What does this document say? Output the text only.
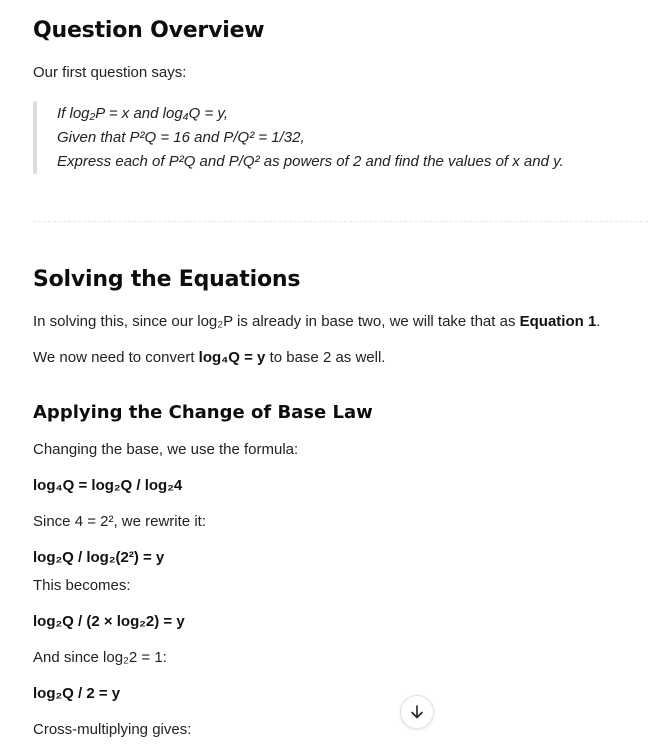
Question Overview

Our first question says:

If log₂P = x and log₄Q = y,

Given that P²Q = 16 and P/Q² = 1/32,

Express each of P²Q and P/Q² as powers of 2 and find the values of x and y.

Solving the Equations

In solving this, since our log₂P is already in base two, we will take that as Equation 1.

We now need to convert log₄Q = y to base 2 as well.

Applying the Change of Base Law

Changing the base, we use the formula:

log₄Q = log₂Q / log₂4

Since 4 = 2², we rewrite it:

log₂Q / log₂(2²) = y

This becomes:

log₂Q / (2 × log₂2) = y

And since log₂2 = 1:

log₂Q / 2 = y

Cross-multiplying gives:
